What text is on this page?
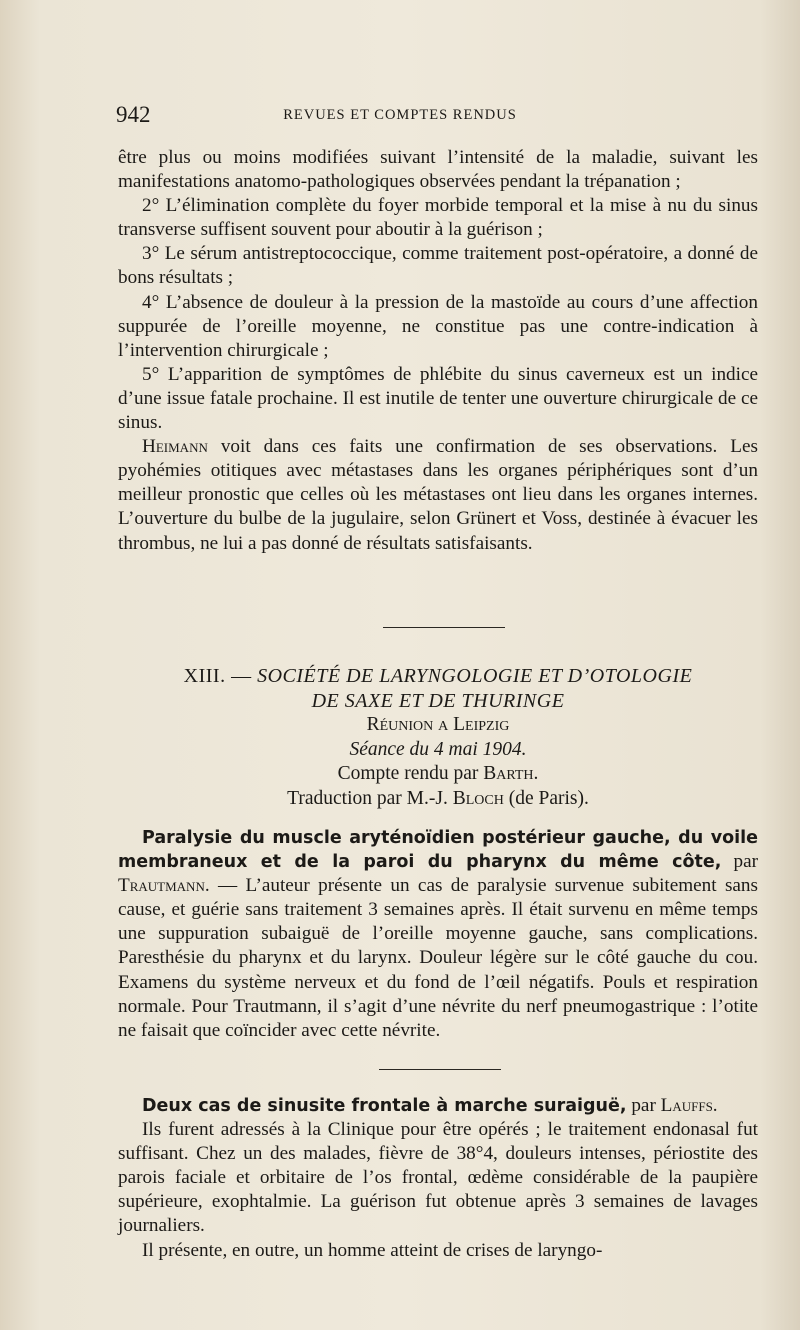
942	REVUES ET COMPTES RENDUS

être plus ou moins modifiées suivant l’intensité de la maladie, suivant les manifestations anatomo-pathologiques observées pendant la trépanation ;

2° L’élimination complète du foyer morbide temporal et la mise à nu du sinus transverse suffisent souvent pour aboutir à la guérison ;

3° Le sérum antistreptococcique, comme traitement post-opératoire, a donné de bons résultats ;

4° L’absence de douleur à la pression de la mastoïde au cours d’une affection suppurée de l’oreille moyenne, ne constitue pas une contre-indication à l’intervention chirurgicale ;

5° L’apparition de symptômes de phlébite du sinus caverneux est un indice d’une issue fatale prochaine. Il est inutile de tenter une ouverture chirurgicale de ce sinus.

Heimann voit dans ces faits une confirmation de ses observations. Les pyohémies otitiques avec métastases dans les organes périphériques sont d’un meilleur pronostic que celles où les métastases ont lieu dans les organes internes. L’ouverture du bulbe de la jugulaire, selon Grünert et Voss, destinée à évacuer les thrombus, ne lui a pas donné de résultats satisfaisants.

XIII. — SOCIÉTÉ DE LARYNGOLOGIE ET D’OTOLOGIE
DE SAXE ET DE THURINGE
Réunion a Leipzig
Séance du 4 mai 1904.
Compte rendu par Barth.
Traduction par M.-J. Bloch (de Paris).

Paralysie du muscle aryténoïdien postérieur gauche, du voile membraneux et de la paroi du pharynx du même côte, par Trautmann. — L’auteur présente un cas de paralysie survenue subitement sans cause, et guérie sans traitement 3 semaines après. Il était survenu en même temps une suppuration subaiguë de l’oreille moyenne gauche, sans complications. Paresthésie du pharynx et du larynx. Douleur légère sur le côté gauche du cou. Examens du système nerveux et du fond de l’œil négatifs. Pouls et respiration normale. Pour Trautmann, il s’agit d’une névrite du nerf pneumogastrique : l’otite ne faisait que coïncider avec cette névrite.

Deux cas de sinusite frontale à marche suraiguë, par Lauffs.

Ils furent adressés à la Clinique pour être opérés ; le traitement endonasal fut suffisant. Chez un des malades, fièvre de 38°4, douleurs intenses, périostite des parois faciale et orbitaire de l’os frontal, œdème considérable de la paupière supérieure, exophtalmie. La guérison fut obtenue après 3 semaines de lavages journaliers.

Il présente, en outre, un homme atteint de crises de laryngo-
